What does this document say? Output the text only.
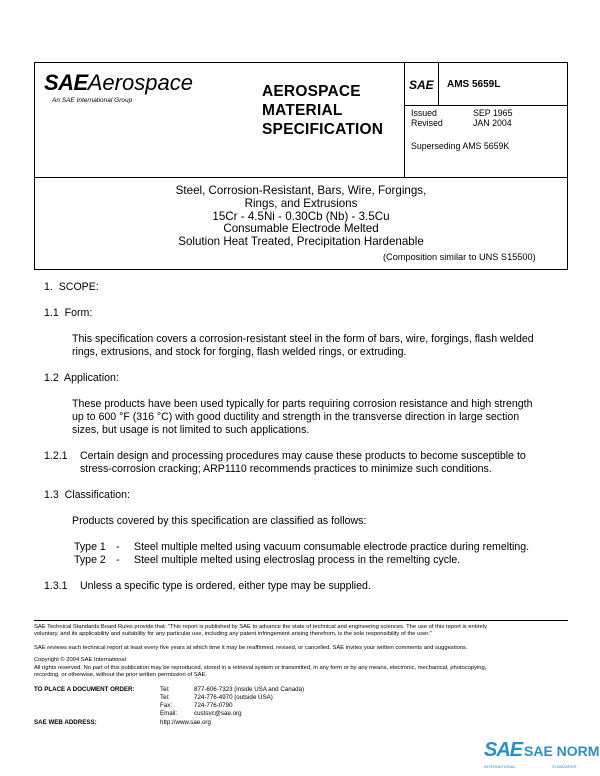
SAEAerospace
An SAE International Group
AEROSPACE
MATERIAL
SPECIFICATION
SAE AMS 5659L
Issued	SEP 1965
Revised	JAN 2004
Superseding AMS 5659K
Steel, Corrosion-Resistant, Bars, Wire, Forgings,
Rings, and Extrusions
15Cr - 4.5Ni - 0.30Cb (Nb) - 3.5Cu
Consumable Electrode Melted
Solution Heat Treated, Precipitation Hardenable
(Composition similar to UNS S15500)
1.  SCOPE:
1.1  Form:
This specification covers a corrosion-resistant steel in the form of bars, wire, forgings, flash welded
rings, extrusions, and stock for forging, flash welded rings, or extruding.
1.2  Application:
These products have been used typically for parts requiring corrosion resistance and high strength
up to 600 °F (316 °C) with good ductility and strength in the transverse direction in large section
sizes, but usage is not limited to such applications.
1.2.1 Certain design and processing procedures may cause these products to become susceptible to
stress-corrosion cracking; ARP1110 recommends practices to minimize such conditions.
1.3  Classification:
Products covered by this specification are classified as follows:
Type 1 - Steel multiple melted using vacuum consumable electrode practice during remelting.
Type 2 - Steel multiple melted using electroslag process in the remelting cycle.
1.3.1 Unless a specific type is ordered, either type may be supplied.
SAE Technical Standards Board Rules provide that: "This report is published by SAE to advance the state of technical and engineering sciences. The use of this report is entirely
voluntary, and its applicability and suitability for any particular use, including any patent infringement arising therefrom, is the sole responsibility of the user."
SAE reviews each technical report at least every five years at which time it may be reaffirmed, revised, or cancelled. SAE invites your written comments and suggestions.
Copyright © 2004 SAE International
All rights reserved. No part of this publication may be reproduced, stored in a retrieval system or transmitted, in any form or by any means, electronic, mechanical, photocopying,
recording, or otherwise, without the prior written permission of SAE.
TO PLACE A DOCUMENT ORDER:	Tel:	877-606-7323 (inside USA and Canada)
Tel:	724-776-4970 (outside USA)
Fax:	724-776-0790
Email:	custsvc@sae.org
SAE WEB ADDRESS:	http://www.sae.org
SAE SAE NORM
INTERNATIONAL	STANDARDS
